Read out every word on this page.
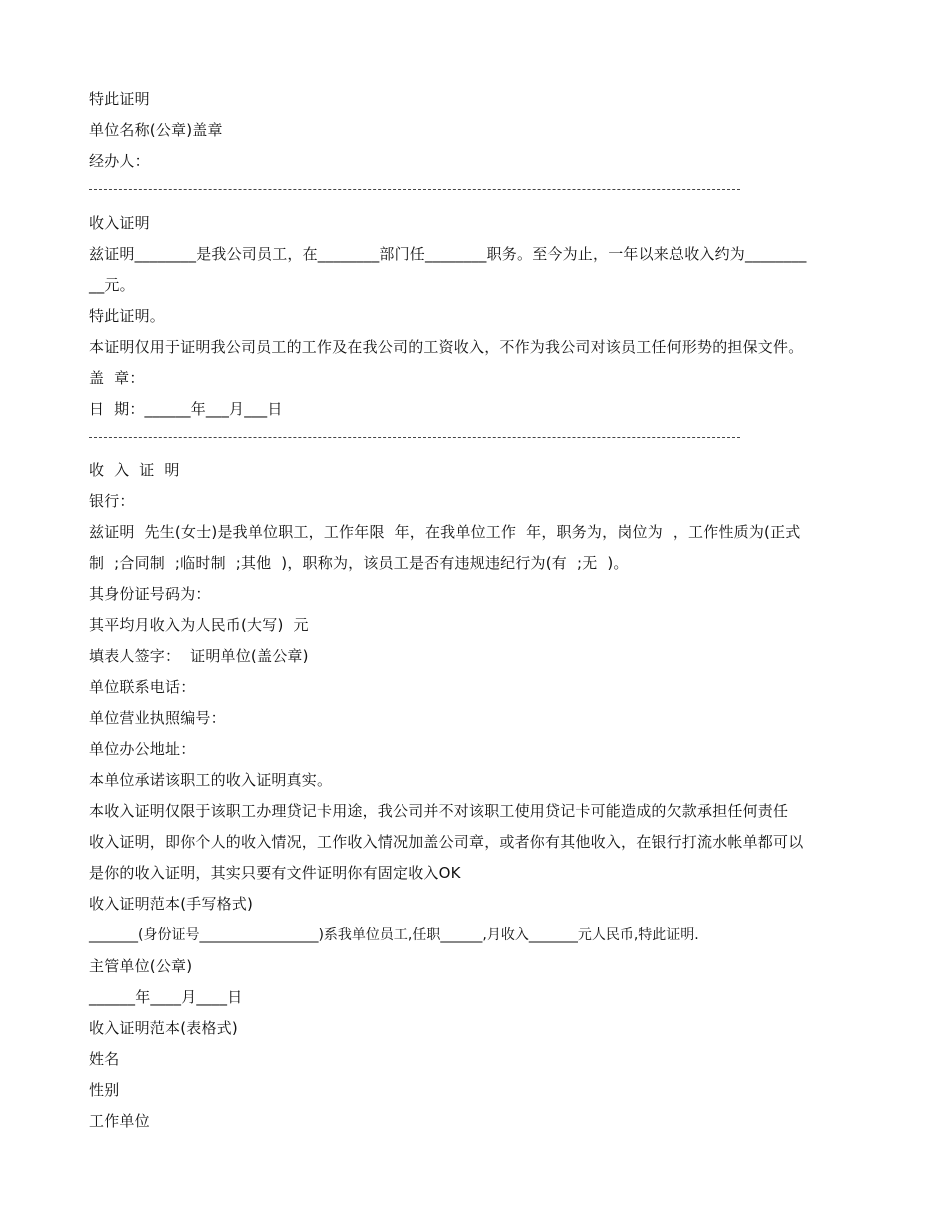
特此证明
单位名称(公章)盖章
经办人：
收入证明
兹证明________是我公司员工，在________部门任________职务。至今为止，一年以来总收入约为________
__元。
特此证明。
本证明仅用于证明我公司员工的工作及在我公司的工资收入，不作为我公司对该员工任何形势的担保文件。
盖  章：
日  期：______年___月___日
收  入  证  明
银行：
兹证明  先生(女士)是我单位职工，工作年限  年，在我单位工作  年，职务为，岗位为  ，工作性质为(正式
制  ;合同制  ;临时制  ;其他  )，职称为，该员工是否有违规违纪行为(有  ;无  )。
其身份证号码为：
其平均月收入为人民币(大写)  元
填表人签字：  证明单位(盖公章)
单位联系电话：
单位营业执照编号：
单位办公地址：
本单位承诺该职工的收入证明真实。
本收入证明仅限于该职工办理贷记卡用途，我公司并不对该职工使用贷记卡可能造成的欠款承担任何责任
收入证明，即你个人的收入情况，工作收入情况加盖公司章，或者你有其他收入，在银行打流水帐单都可以
是你的收入证明，其实只要有文件证明你有固定收入OK
收入证明范本(手写格式)
_______(身份证号_________________)系我单位员工,任职______,月收入_______元人民币,特此证明.
主管单位(公章)
______年____月____日
收入证明范本(表格式)
姓名
性别
工作单位
